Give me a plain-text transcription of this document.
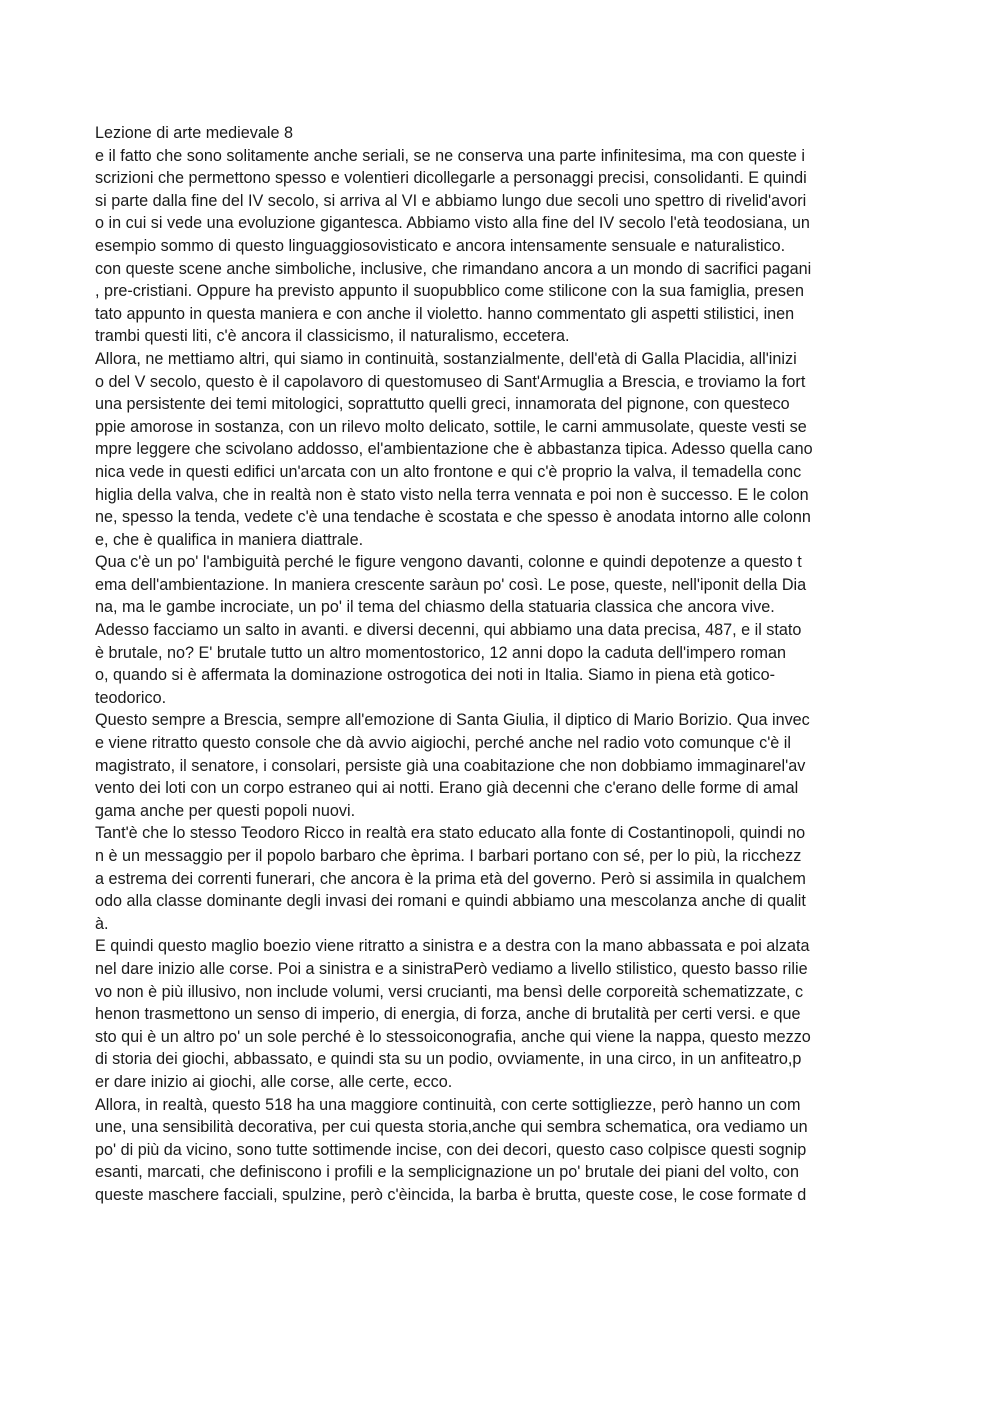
Lezione di arte medievale 8
e il fatto che sono solitamente anche seriali, se ne conserva una parte infinitesima, ma con queste i
scrizioni che permettono spesso e volentieri dicollegarle a personaggi precisi, consolidanti. E quindi
si parte dalla fine del IV secolo, si arriva al VI e abbiamo lungo due secoli uno spettro di rivelid'avori
o in cui si vede una evoluzione gigantesca. Abbiamo visto alla fine del IV secolo l'età teodosiana, un
esempio sommo di questo linguaggiosovisticato e ancora intensamente sensuale e naturalistico.
con queste scene anche simboliche, inclusive, che rimandano ancora a un mondo di sacrifici pagani
, pre-cristiani. Oppure ha previsto appunto il suopubblico come stilicone con la sua famiglia, presen
tato appunto in questa maniera e con anche il violetto. hanno commentato gli aspetti stilistici, inen
trambi questi liti, c'è ancora il classicismo, il naturalismo, eccetera.
Allora, ne mettiamo altri, qui siamo in continuità, sostanzialmente, dell'età di Galla Placidia, all'inizi
o del V secolo, questo è il capolavoro di questomuseo di Sant'Armuglia a Brescia, e troviamo la fort
una persistente dei temi mitologici, soprattutto quelli greci, innamorata del pignone, con questeco
ppie amorose in sostanza, con un rilevo molto delicato, sottile, le carni ammusolate, queste vesti se
mpre leggere che scivolano addosso, el'ambientazione che è abbastanza tipica. Adesso quella cano
nica vede in questi edifici un'arcata con un alto frontone e qui c'è proprio la valva, il temadella conc
higlia della valva, che in realtà non è stato visto nella terra vennata e poi non è successo. E le colon
ne, spesso la tenda, vedete c'è una tendache è scostata e che spesso è anodata intorno alle colonn
e, che è qualifica in maniera diattrale.
Qua c'è un po' l'ambiguità perché le figure vengono davanti, colonne e quindi depotenze a questo t
ema dell'ambientazione. In maniera crescente saràun po' così. Le pose, queste, nell'iponit della Dia
na, ma le gambe incrociate, un po' il tema del chiasmo della statuaria classica che ancora vive.
Adesso facciamo un salto in avanti. e diversi decenni, qui abbiamo una data precisa, 487, e il stato
è brutale, no? E' brutale tutto un altro momentostorico, 12 anni dopo la caduta dell'impero roman
o, quando si è affermata la dominazione ostrogotica dei noti in Italia. Siamo in piena età gotico-
teodorico.
Questo sempre a Brescia, sempre all'emozione di Santa Giulia, il diptico di Mario Borizio. Qua invec
e viene ritratto questo console che dà avvio aigiochi, perché anche nel radio voto comunque c'è il
magistrato, il senatore, i consolari, persiste già una coabitazione che non dobbiamo immaginarel'av
vento dei loti con un corpo estraneo qui ai notti. Erano già decenni che c'erano delle forme di amal
gama anche per questi popoli nuovi.
Tant'è che lo stesso Teodoro Ricco in realtà era stato educato alla fonte di Costantinopoli, quindi no
n è un messaggio per il popolo barbaro che èprima. I barbari portano con sé, per lo più, la ricchezz
a estrema dei correnti funerari, che ancora è la prima età del governo. Però si assimila in qualchem
odo alla classe dominante degli invasi dei romani e quindi abbiamo una mescolanza anche di qualit
à.
E quindi questo maglio boezio viene ritratto a sinistra e a destra con la mano abbassata e poi alzata
nel dare inizio alle corse. Poi a sinistra e a sinistraPerò vediamo a livello stilistico, questo basso rilie
vo non è più illusivo, non include volumi, versi crucianti, ma bensì delle corporeità schematizzate, c
henon trasmettono un senso di imperio, di energia, di forza, anche di brutalità per certi versi. e que
sto qui è un altro po' un sole perché è lo stessoiconografia, anche qui viene la nappa, questo mezzo
di storia dei giochi, abbassato, e quindi sta su un podio, ovviamente, in una circo, in un anfiteatro,p
er dare inizio ai giochi, alle corse, alle certe, ecco.
Allora, in realtà, questo 518 ha una maggiore continuità, con certe sottigliezze, però hanno un com
une, una sensibilità decorativa, per cui questa storia,anche qui sembra schematica, ora vediamo un
po' di più da vicino, sono tutte sottimende incise, con dei decori, questo caso colpisce questi sognip
esanti, marcati, che definiscono i profili e la semplicignazione un po' brutale dei piani del volto, con
queste maschere facciali, spulzine, però c'èincida, la barba è brutta, queste cose, le cose formate d
